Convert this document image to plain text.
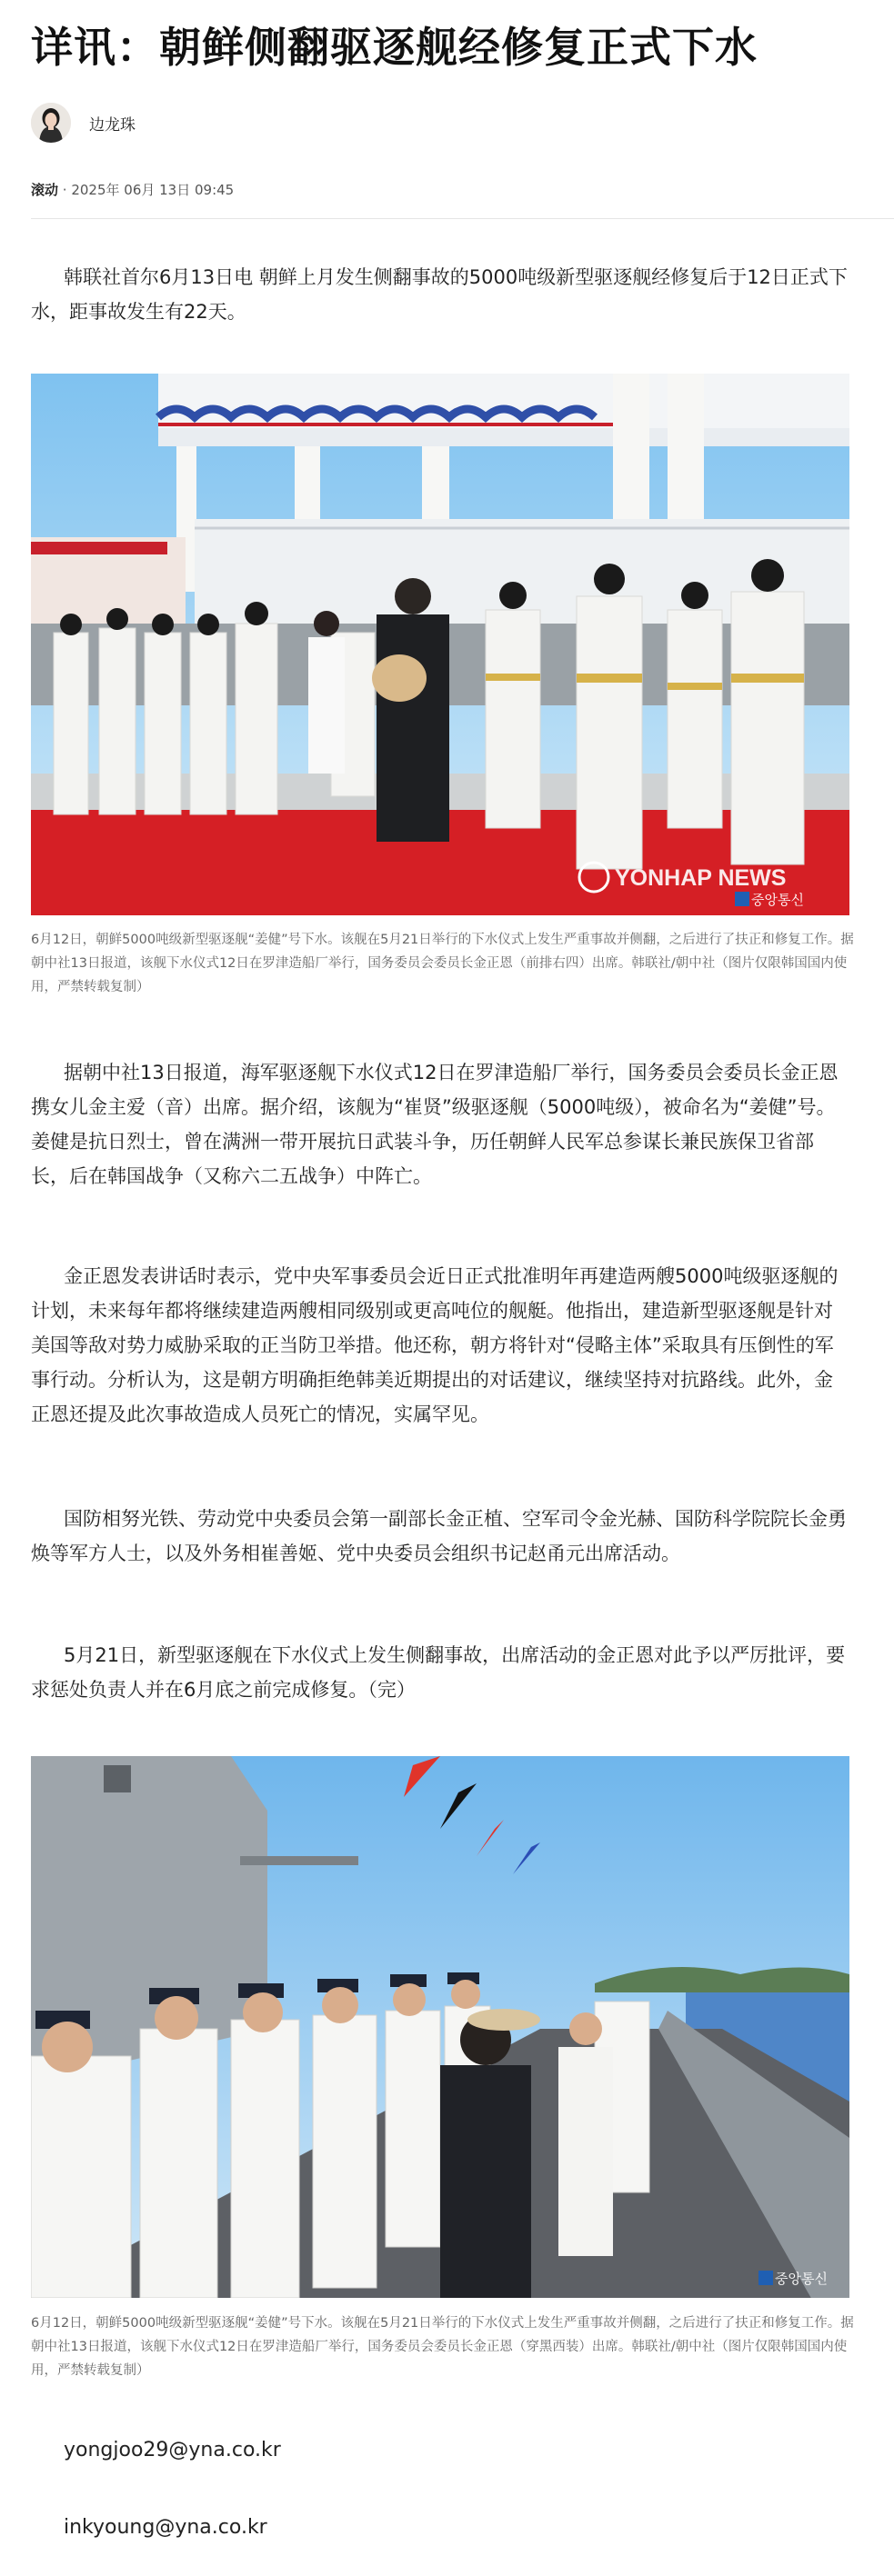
详讯：朝鲜侧翻驱逐舰经修复正式下水
边龙珠
滚动 · 2025年 06月 13日 09:45

韩联社首尔6月13日电 朝鲜上月发生侧翻事故的5000吨级新型驱逐舰经修复后于12日正式下水，距事故发生有22天。

YONHAP NEWS
중앙통신

6月12日，朝鲜5000吨级新型驱逐舰“姜健”号下水。该舰在5月21日举行的下水仪式上发生严重事故并侧翻，之后进行了扶正和修复工作。据朝中社13日报道，该舰下水仪式12日在罗津造船厂举行，国务委员会委员长金正恩（前排右四）出席。韩联社/朝中社（图片仅限韩国国内使用，严禁转载复制）

据朝中社13日报道，海军驱逐舰下水仪式12日在罗津造船厂举行，国务委员会委员长金正恩携女儿金主爱（音）出席。据介绍，该舰为“崔贤”级驱逐舰（5000吨级），被命名为“姜健”号。姜健是抗日烈士，曾在满洲一带开展抗日武装斗争，历任朝鲜人民军总参谋长兼民族保卫省部长，后在韩国战争（又称六二五战争）中阵亡。

金正恩发表讲话时表示，党中央军事委员会近日正式批准明年再建造两艘5000吨级驱逐舰的计划，未来每年都将继续建造两艘相同级别或更高吨位的舰艇。他指出，建造新型驱逐舰是针对美国等敌对势力威胁采取的正当防卫举措。他还称，朝方将针对“侵略主体”采取具有压倒性的军事行动。分析认为，这是朝方明确拒绝韩美近期提出的对话建议，继续坚持对抗路线。此外，金正恩还提及此次事故造成人员死亡的情况，实属罕见。

国防相努光铁、劳动党中央委员会第一副部长金正植、空军司令金光赫、国防科学院院长金勇焕等军方人士，以及外务相崔善姬、党中央委员会组织书记赵甬元出席活动。

5月21日，新型驱逐舰在下水仪式上发生侧翻事故，出席活动的金正恩对此予以严厉批评，要求惩处负责人并在6月底之前完成修复。（完）

중앙통신

6月12日，朝鲜5000吨级新型驱逐舰“姜健”号下水。该舰在5月21日举行的下水仪式上发生严重事故并侧翻，之后进行了扶正和修复工作。据朝中社13日报道，该舰下水仪式12日在罗津造船厂举行，国务委员会委员长金正恩（穿黑西装）出席。韩联社/朝中社（图片仅限韩国国内使用，严禁转载复制）

yongjoo29@yna.co.kr
inkyoung@yna.co.kr
